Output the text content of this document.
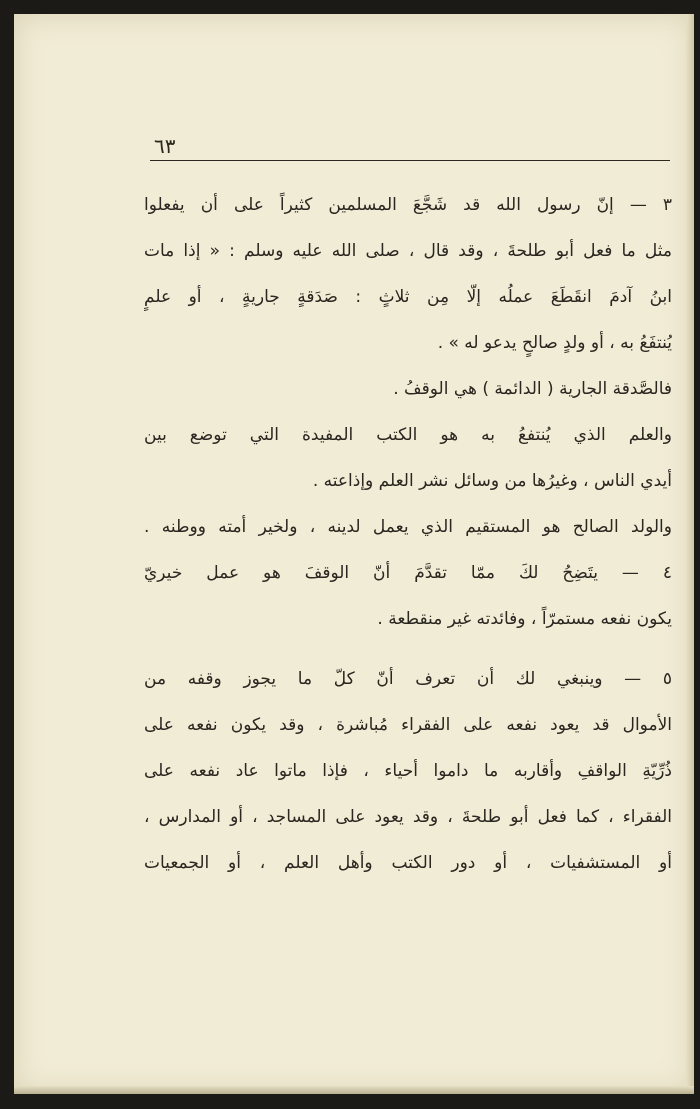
٦٣
٣ — إنّ رسول الله قد شَجَّعَ المسلمين كثيراً على أن يفعلوا
مثل ما فعل أبو طلحةَ ، وقد قال ، صلى الله عليه وسلم : « إذا مات
ابنُ آدمَ انقَطَعَ عملُه إلّا مِن ثلاثٍ : صَدَقةٍ جاريةٍ ، أو علمٍ
يُنتفَعُ به ، أو ولدٍ صالحٍ يدعو له » .
فالصَّدقة الجارية ( الدائمة ) هي الوقفُ .
والعلم الذي يُنتفعُ به هو الكتب المفيدة التي توضع بين
أيدي الناس ، وغيرُها من وسائل نشر العلم وإذاعته .
والولد الصالح هو المستقيم الذي يعمل لدينه ، ولخير أمته ووطنه .
٤ — يتَضِحُ لكَ ممّا تقدَّمَ أنّ الوقفَ هو عمل خيريّ
يكون نفعه مستمرّاً ، وفائدته غير منقطعة .
٥ — وينبغي لك أن تعرف أنّ كلّ ما يجوز وقفه من
الأموال قد يعود نفعه على الفقراء مُباشرة ، وقد يكون نفعه على
ذُرِّيّةِ الواقفِ وأقاربه ما داموا أحياء ، فإذا ماتوا عاد نفعه على
الفقراء ، كما فعل أبو طلحةَ ، وقد يعود على المساجد ، أو المدارس ،
أو المستشفيات ، أو دور الكتب وأهل العلم ، أو الجمعيات
